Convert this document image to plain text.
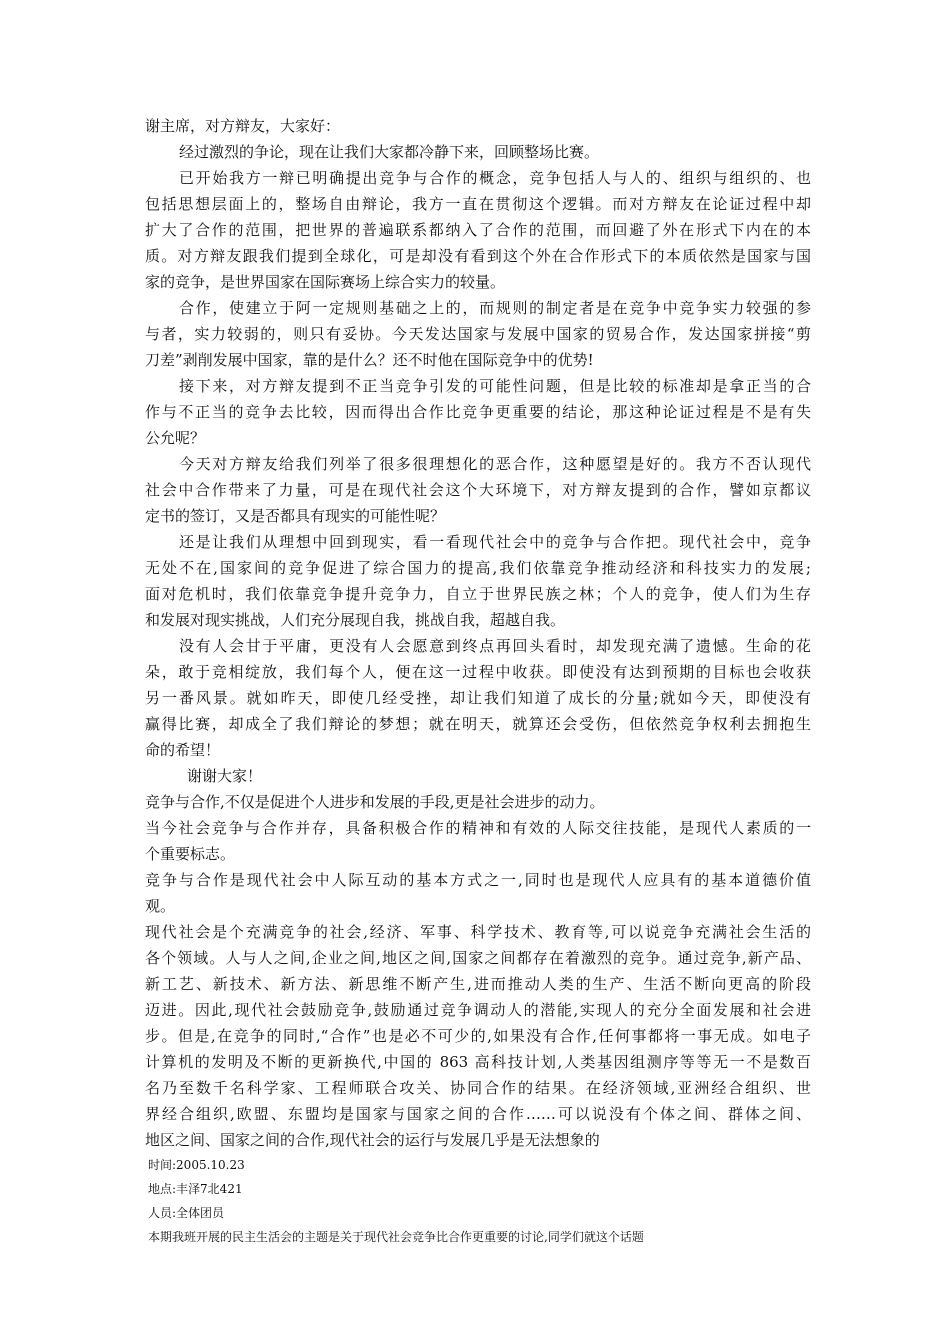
谢主席，对方辩友，大家好：
经过激烈的争论，现在让我们大家都冷静下来，回顾整场比赛。
已开始我方一辩已明确提出竞争与合作的概念，竞争包括人与人的、组织与组织的、也
包括思想层面上的，整场自由辩论，我方一直在贯彻这个逻辑。而对方辩友在论证过程中却
扩大了合作的范围，把世界的普遍联系都纳入了合作的范围，而回避了外在形式下内在的本
质。对方辩友跟我们提到全球化，可是却没有看到这个外在合作形式下的本质依然是国家与国
家的竞争，是世界国家在国际赛场上综合实力的较量。
合作，使建立于阿一定规则基础之上的，而规则的制定者是在竞争中竞争实力较强的参
与者，实力较弱的，则只有妥协。今天发达国家与发展中国家的贸易合作，发达国家拼接“剪
刀差”剥削发展中国家，靠的是什么？还不时他在国际竞争中的优势!
接下来，对方辩友提到不正当竞争引发的可能性问题，但是比较的标准却是拿正当的合
作与不正当的竞争去比较，因而得出合作比竞争更重要的结论，那这种论证过程是不是有失
公允呢？
今天对方辩友给我们列举了很多很理想化的恶合作，这种愿望是好的。我方不否认现代
社会中合作带来了力量，可是在现代社会这个大环境下，对方辩友提到的合作，譬如京都议
定书的签订，又是否都具有现实的可能性呢？
还是让我们从理想中回到现实，看一看现代社会中的竞争与合作把。现代社会中，竞争
无处不在,国家间的竞争促进了综合国力的提高,我们依靠竞争推动经济和科技实力的发展;
面对危机时，我们依靠竞争提升竞争力，自立于世界民族之林；个人的竞争，使人们为生存
和发展对现实挑战，人们充分展现自我，挑战自我，超越自我。
没有人会甘于平庸，更没有人会愿意到终点再回头看时，却发现充满了遗憾。生命的花
朵，敢于竞相绽放，我们每个人，便在这一过程中收获。即使没有达到预期的目标也会收获
另一番风景。就如昨天，即使几经受挫，却让我们知道了成长的分量;就如今天，即使没有
赢得比赛，却成全了我们辩论的梦想；就在明天，就算还会受伤，但依然竞争权利去拥抱生
命的希望！
谢谢大家！
竞争与合作,不仅是促进个人进步和发展的手段,更是社会进步的动力。
当今社会竞争与合作并存，具备积极合作的精神和有效的人际交往技能，是现代人素质的一
个重要标志。
竞争与合作是现代社会中人际互动的基本方式之一,同时也是现代人应具有的基本道德价值
观。
现代社会是个充满竞争的社会,经济、军事、科学技术、教育等,可以说竞争充满社会生活的
各个领域。人与人之间,企业之间,地区之间,国家之间都存在着激烈的竞争。通过竞争,新产品、
新工艺、新技术、新方法、新思维不断产生,进而推动人类的生产、生活不断向更高的阶段
迈进。因此,现代社会鼓励竞争,鼓励通过竞争调动人的潜能,实现人的充分全面发展和社会进
步。但是,在竞争的同时,“合作”也是必不可少的,如果没有合作,任何事都将一事无成。如电子
计算机的发明及不断的更新换代,中国的 863 高科技计划,人类基因组测序等等无一不是数百
名乃至数千名科学家、工程师联合攻关、协同合作的结果。在经济领域,亚洲经合组织、世
界经合组织,欧盟、东盟均是国家与国家之间的合作……可以说没有个体之间、群体之间、
地区之间、国家之间的合作,现代社会的运行与发展几乎是无法想象的
时间:2005.10.23
地点:丰泽7北421
人员:全体团员
本期我班开展的民主生活会的主题是关于现代社会竞争比合作更重要的讨论,同学们就这个话题
